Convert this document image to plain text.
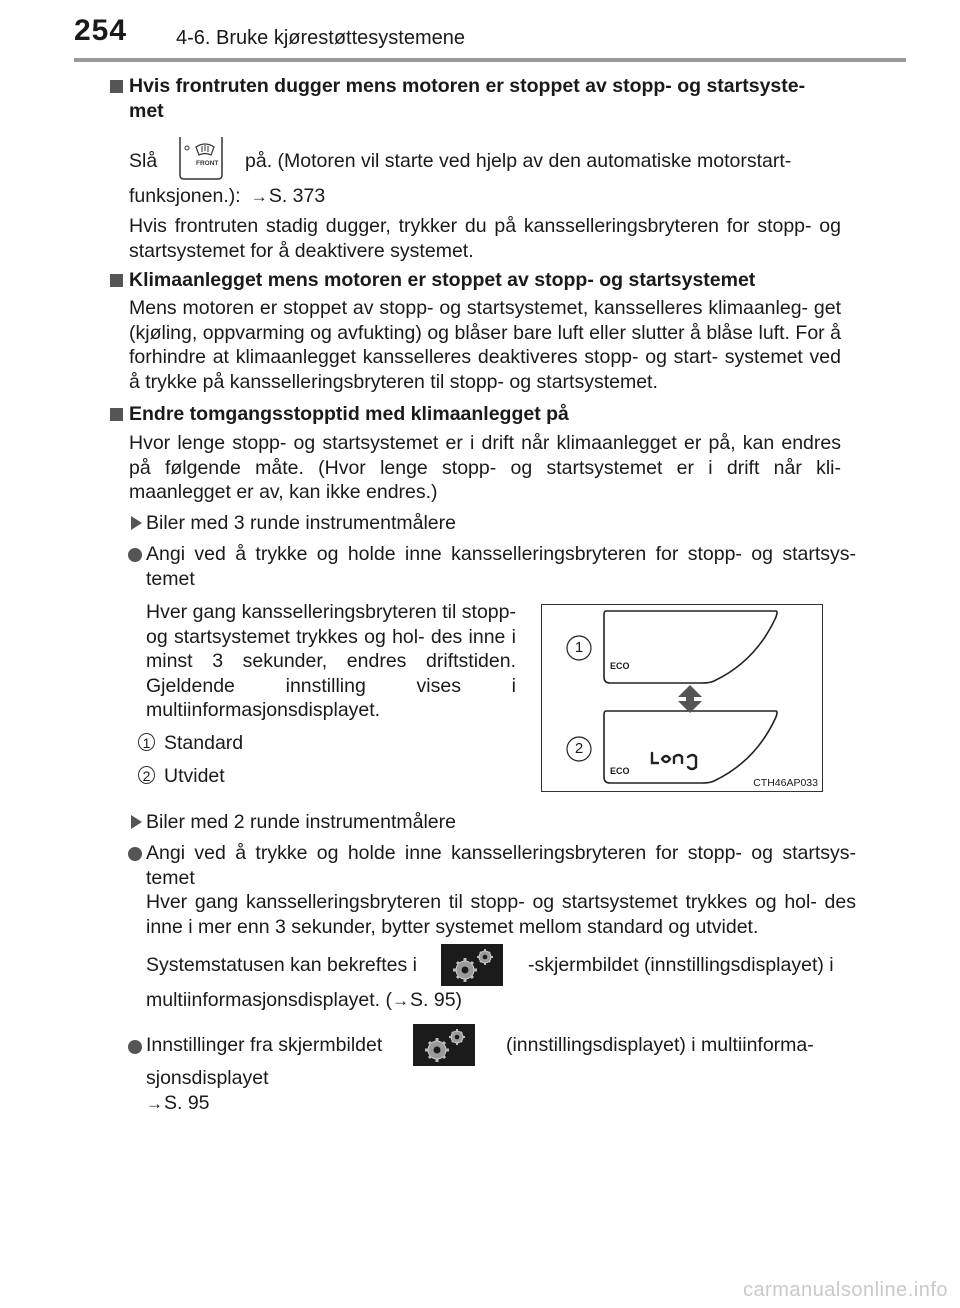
254 4-6. Bruke kjørestøttesystemene
Hvis frontruten dugger mens motoren er stoppet av stopp- og startsyste-
met
Slå	FRONT på. (Motoren vil starte ved hjelp av den automatiske motorstart-
funksjonen.):  →S. 373
Hvis frontruten stadig dugger, trykker du på kansselleringsbryteren for stopp- og startsystemet for å deaktivere systemet.
Klimaanlegget mens motoren er stoppet av stopp- og startsystemet
Mens motoren er stoppet av stopp- og startsystemet, kansselleres klimaanleg- get (kjøling, oppvarming og avfukting) og blåser bare luft eller slutter å blåse luft. For å forhindre at klimaanlegget kansselleres deaktiveres stopp- og start- systemet ved å trykke på kansselleringsbryteren til stopp- og startsystemet.
Endre tomgangsstopptid med klimaanlegget på
Hvor lenge stopp- og startsystemet er i drift når klimaanlegget er på, kan endres på følgende måte. (Hvor lenge stopp- og startsystemet er i drift når kli- maanlegget er av, kan ikke endres.)
Biler med 3 runde instrumentmålere
Angi ved å trykke og holde inne kansselleringsbryteren for stopp- og startsys- temet
Hver gang kansselleringsbryteren til stopp- og startsystemet trykkes og hol- des inne i minst 3 sekunder, endres driftstiden. Gjeldende innstilling vises i multiinformasjonsdisplayet.
1 Standard
2 Utvidet
1
2
ECO
ECO
CTH46AP033
Biler med 2 runde instrumentmålere
Angi ved å trykke og holde inne kansselleringsbryteren for stopp- og startsys- temet
Hver gang kansselleringsbryteren til stopp- og startsystemet trykkes og hol- des inne i mer enn 3 sekunder, bytter systemet mellom standard og utvidet.
Systemstatusen kan bekreftes i	-skjermbildet (innstillingsdisplayet) i
multiinformasjonsdisplayet. (→S. 95)
Innstillinger fra skjermbildet	(innstillingsdisplayet) i multiinforma-
sjonsdisplayet
→S. 95
carmanualsonline.info
